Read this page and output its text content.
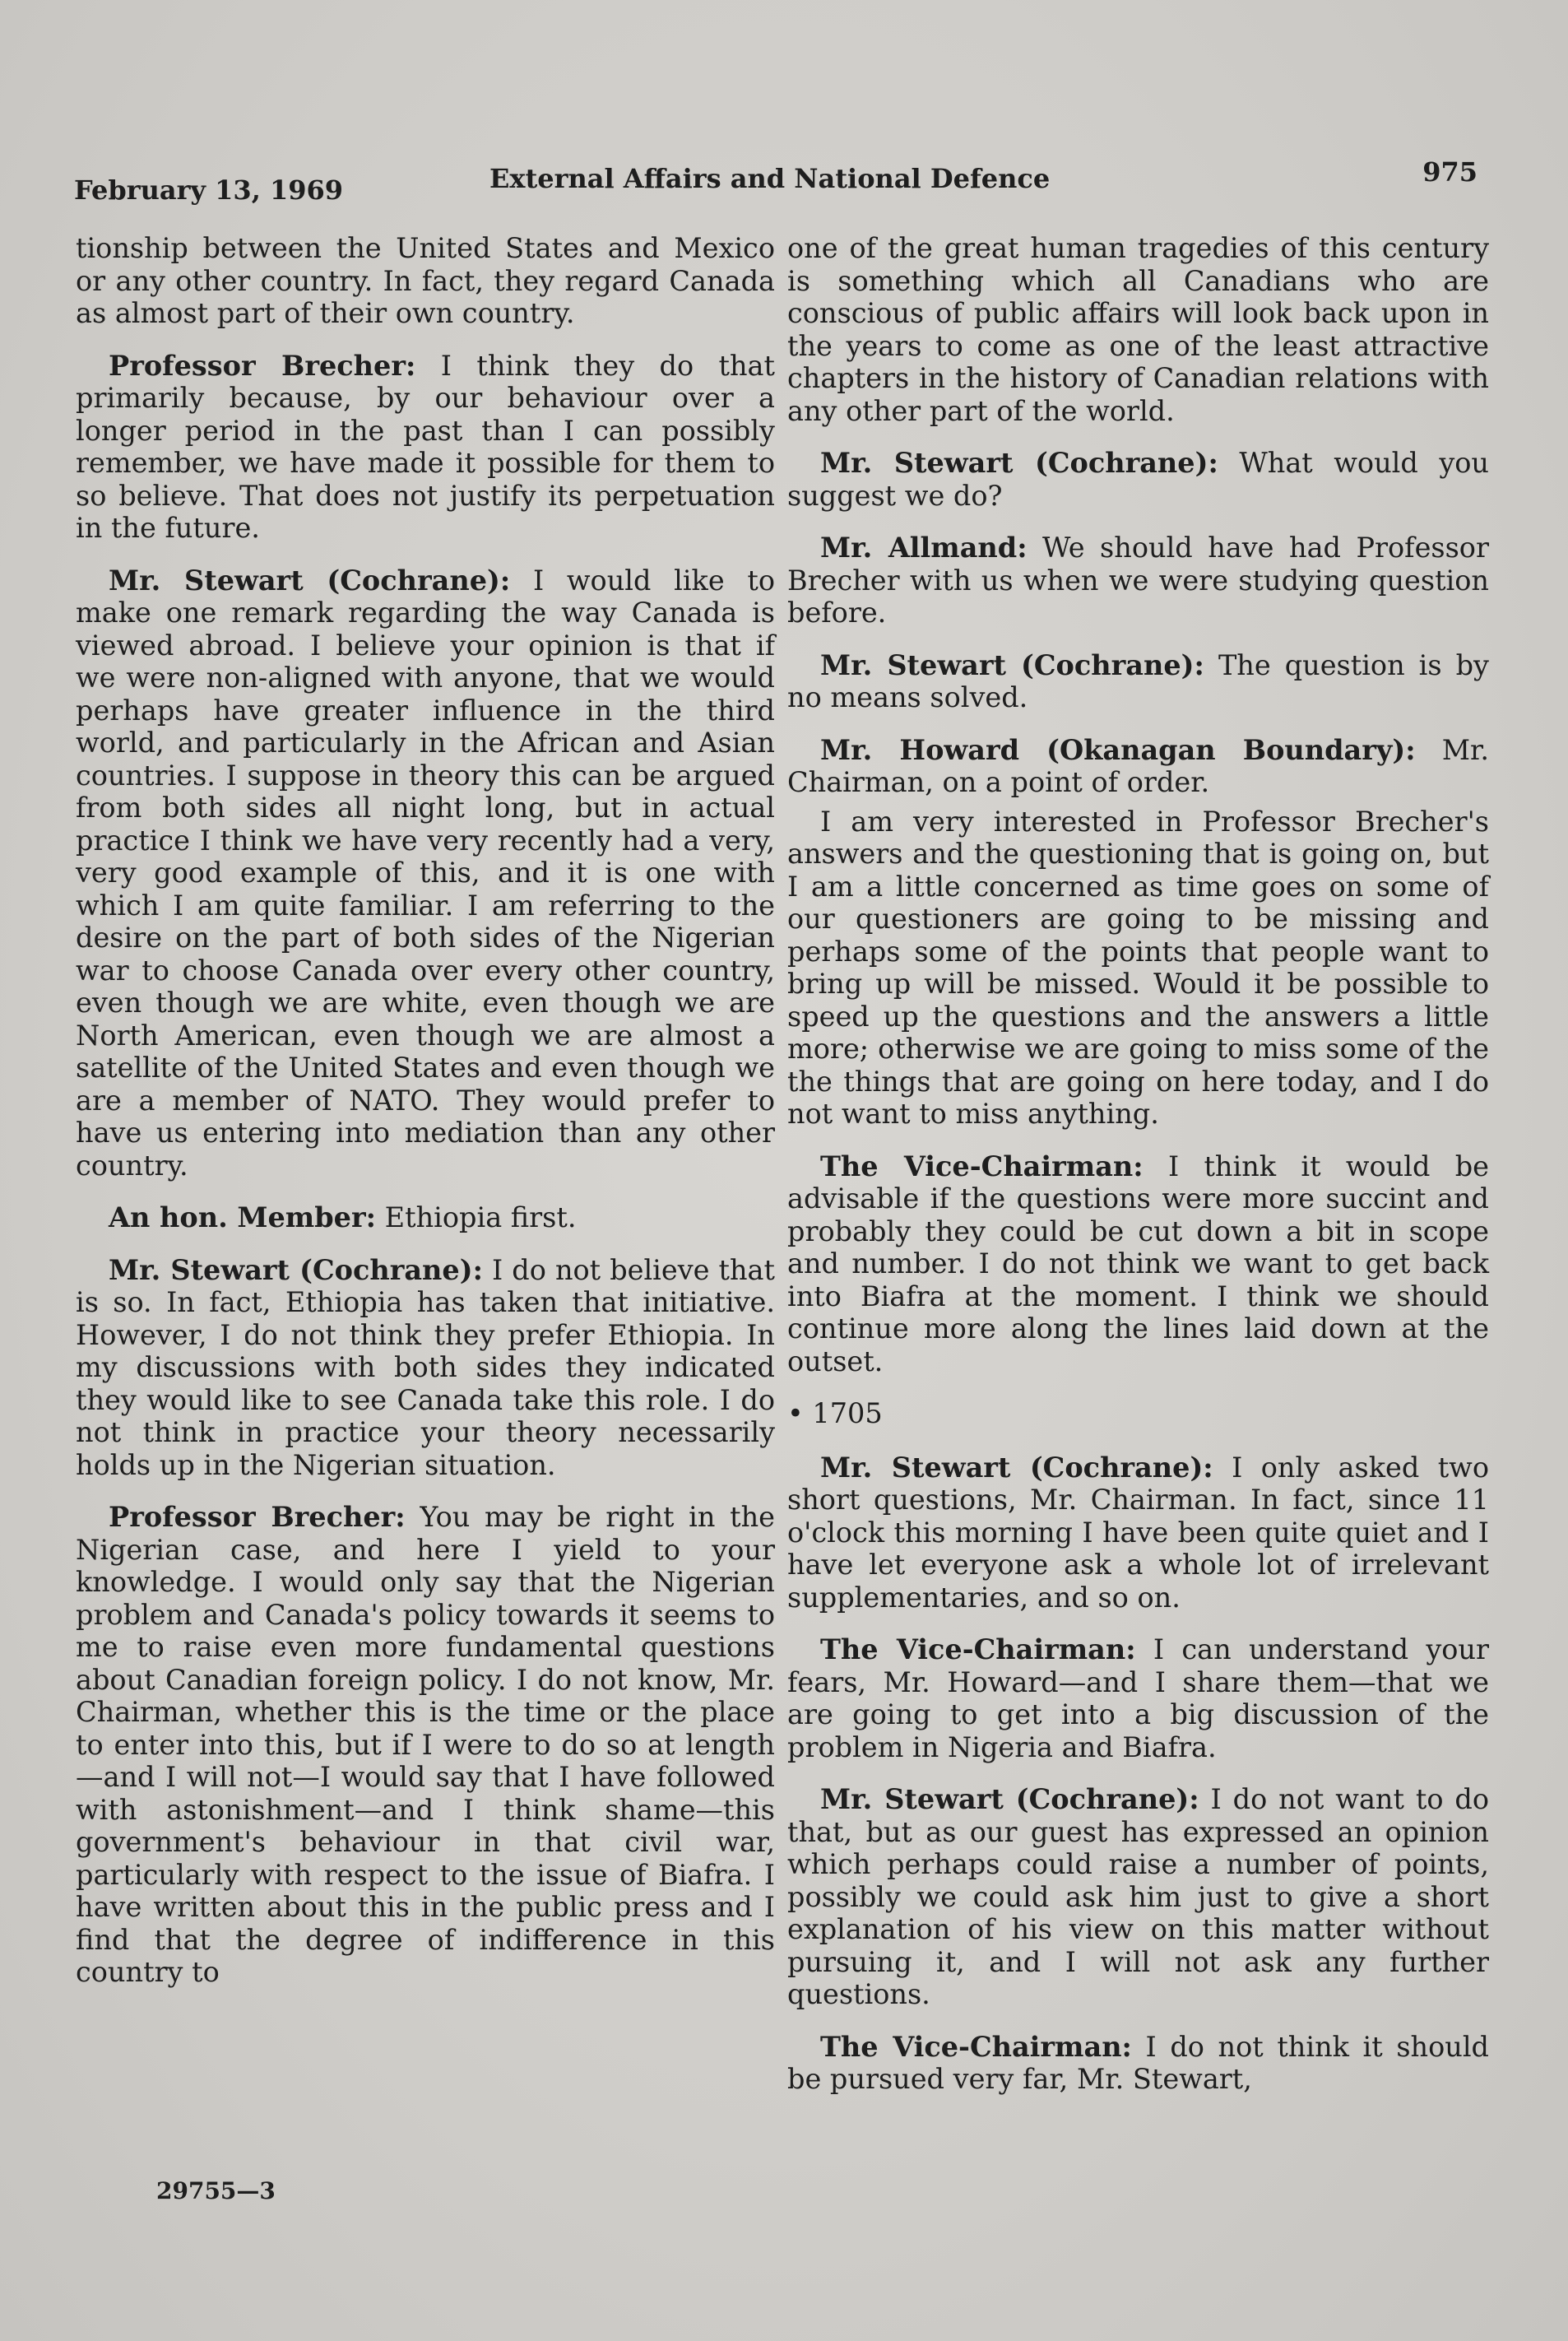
February 13, 1969	External Affairs and National Defence	975

tionship between the United States and Mexico or any other country. In fact, they regard Canada as almost part of their own country.

Professor Brecher: I think they do that primarily because, by our behaviour over a longer period in the past than I can possibly remember, we have made it possible for them to so believe. That does not justify its perpetuation in the future.

Mr. Stewart (Cochrane): I would like to make one remark regarding the way Canada is viewed abroad. I believe your opinion is that if we were non-aligned with anyone, that we would perhaps have greater influence in the third world, and particularly in the African and Asian countries. I suppose in theory this can be argued from both sides all night long, but in actual practice I think we have very recently had a very, very good example of this, and it is one with which I am quite familiar. I am referring to the desire on the part of both sides of the Nigerian war to choose Canada over every other country, even though we are white, even though we are North American, even though we are almost a satellite of the United States and even though we are a member of NATO. They would prefer to have us entering into mediation than any other country.

An hon. Member: Ethiopia first.

Mr. Stewart (Cochrane): I do not believe that is so. In fact, Ethiopia has taken that initiative. However, I do not think they prefer Ethiopia. In my discussions with both sides they indicated they would like to see Canada take this role. I do not think in practice your theory necessarily holds up in the Nigerian situation.

Professor Brecher: You may be right in the Nigerian case, and here I yield to your knowledge. I would only say that the Nigerian problem and Canada's policy towards it seems to me to raise even more fundamental questions about Canadian foreign policy. I do not know, Mr. Chairman, whether this is the time or the place to enter into this, but if I were to do so at length—and I will not—I would say that I have followed with astonishment—and I think shame—this government's behaviour in that civil war, particularly with respect to the issue of Biafra. I have written about this in the public press and I find that the degree of indifference in this country to

one of the great human tragedies of this century is something which all Canadians who are conscious of public affairs will look back upon in the years to come as one of the least attractive chapters in the history of Canadian relations with any other part of the world.

Mr. Stewart (Cochrane): What would you suggest we do?

Mr. Allmand: We should have had Professor Brecher with us when we were studying question before.

Mr. Stewart (Cochrane): The question is by no means solved.

Mr. Howard (Okanagan Boundary): Mr. Chairman, on a point of order.

I am very interested in Professor Brecher's answers and the questioning that is going on, but I am a little concerned as time goes on some of our questioners are going to be missing and perhaps some of the points that people want to bring up will be missed. Would it be possible to speed up the questions and the answers a little more; otherwise we are going to miss some of the the things that are going on here today, and I do not want to miss anything.

The Vice-Chairman: I think it would be advisable if the questions were more succint and probably they could be cut down a bit in scope and number. I do not think we want to get back into Biafra at the moment. I think we should continue more along the lines laid down at the outset.

• 1705

Mr. Stewart (Cochrane): I only asked two short questions, Mr. Chairman. In fact, since 11 o'clock this morning I have been quite quiet and I have let everyone ask a whole lot of irrelevant supplementaries, and so on.

The Vice-Chairman: I can understand your fears, Mr. Howard—and I share them—that we are going to get into a big discussion of the problem in Nigeria and Biafra.

Mr. Stewart (Cochrane): I do not want to do that, but as our guest has expressed an opinion which perhaps could raise a number of points, possibly we could ask him just to give a short explanation of his view on this matter without pursuing it, and I will not ask any further questions.

The Vice-Chairman: I do not think it should be pursued very far, Mr. Stewart,

29755—3
